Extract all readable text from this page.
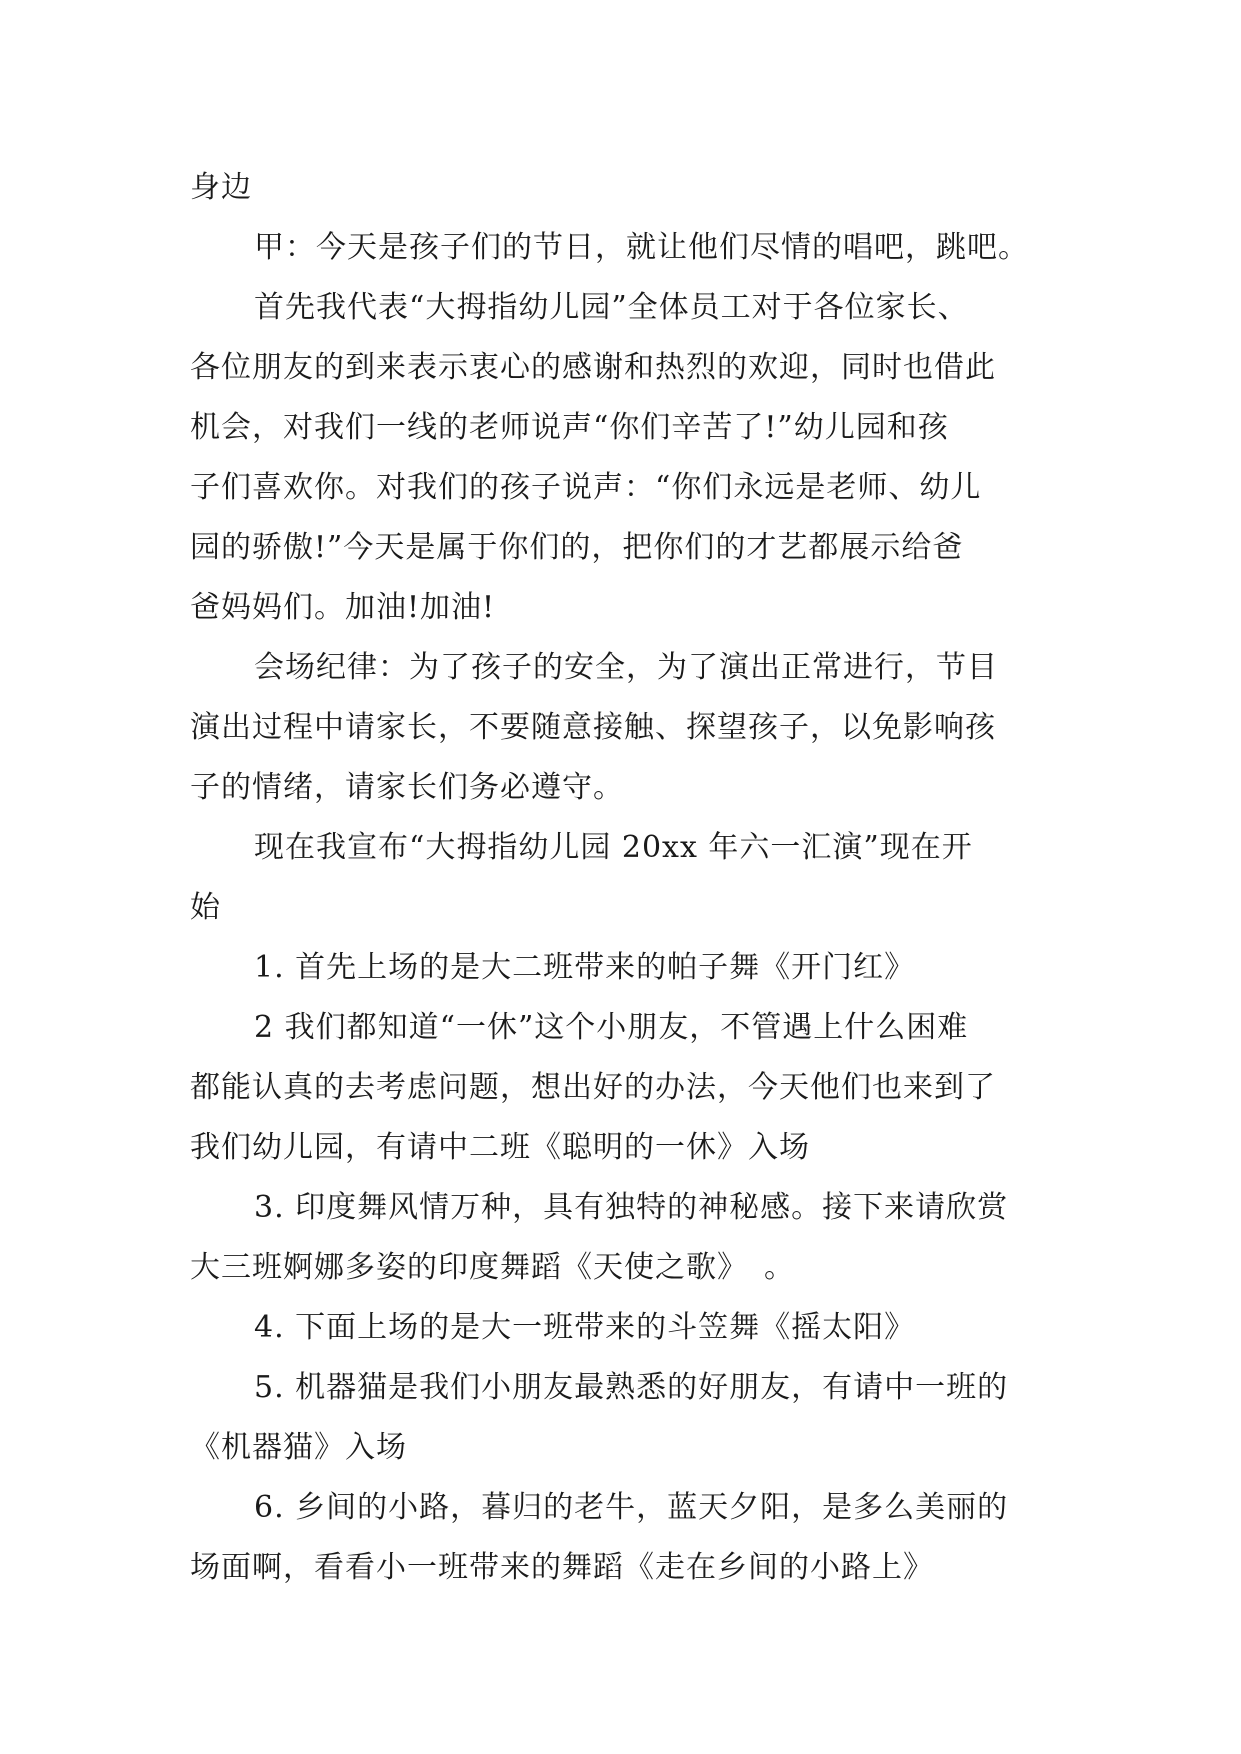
身边
甲：今天是孩子们的节日，就让他们尽情的唱吧，跳吧。
首先我代表“大拇指幼儿园”全体员工对于各位家长、
各位朋友的到来表示衷心的感谢和热烈的欢迎，同时也借此
机会，对我们一线的老师说声“你们辛苦了!”幼儿园和孩
子们喜欢你。对我们的孩子说声：“你们永远是老师、幼儿
园的骄傲!”今天是属于你们的，把你们的才艺都展示给爸
爸妈妈们。加油!加油!
会场纪律：为了孩子的安全，为了演出正常进行，节目
演出过程中请家长，不要随意接触、探望孩子，以免影响孩
子的情绪，请家长们务必遵守。
现在我宣布“大拇指幼儿园 20xx 年六一汇演”现在开
始
1. 首先上场的是大二班带来的帕子舞《开门红》
2 我们都知道“一休”这个小朋友，不管遇上什么困难
都能认真的去考虑问题，想出好的办法，今天他们也来到了
我们幼儿园，有请中二班《聪明的一休》入场
3. 印度舞风情万种，具有独特的神秘感。接下来请欣赏
大三班婀娜多姿的印度舞蹈《天使之歌》　。
4. 下面上场的是大一班带来的斗笠舞《摇太阳》
5. 机器猫是我们小朋友最熟悉的好朋友，有请中一班的
《机器猫》入场
6. 乡间的小路，暮归的老牛，蓝天夕阳，是多么美丽的
场面啊，看看小一班带来的舞蹈《走在乡间的小路上》
